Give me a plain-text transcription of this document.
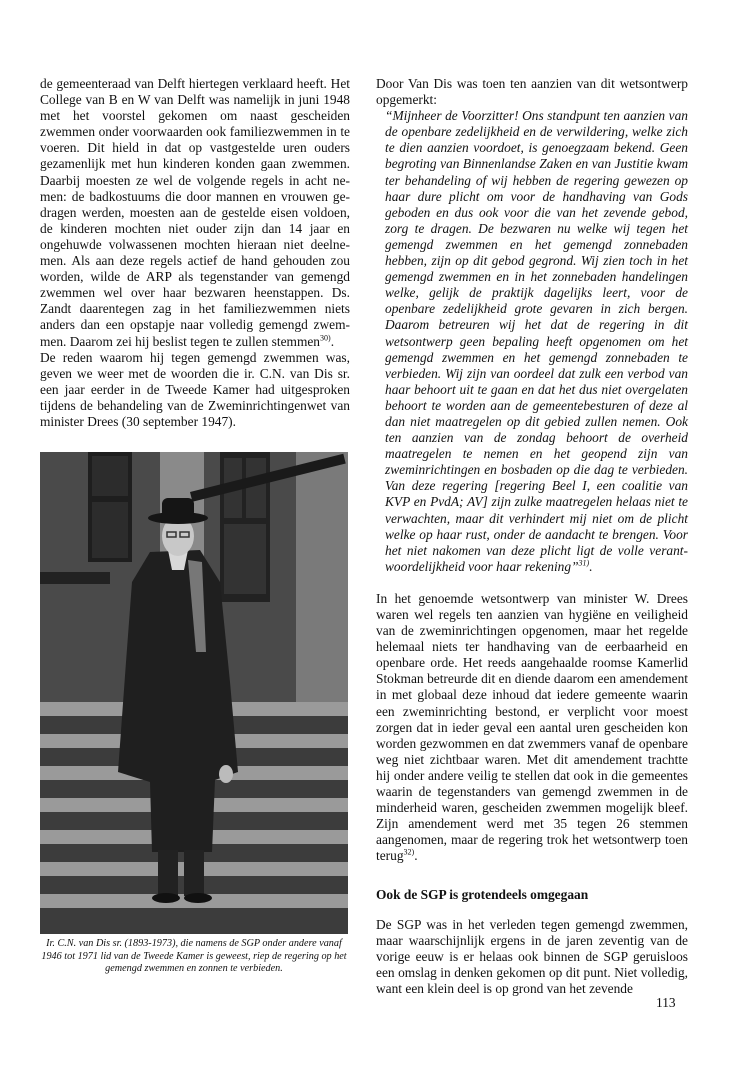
de gemeenteraad van Delft hiertegen verklaard heeft. Het College van B en W van Delft was namelijk in juni 1948 met het voorstel gekomen om naast gescheiden zwemmen onder voorwaarden ook familiezwemmen in te voeren. Dit hield in dat op vastgestelde uren ouders gezamenlijk met hun kinderen konden gaan zwemmen. Daarbij moesten ze wel de volgende regels in acht nemen: de badkostuums die door mannen en vrouwen gedragen werden, moesten aan de gestelde eisen voldoen, de kinderen mochten niet ouder zijn dan 14 jaar en ongehuwde volwassenen mochten hieraan niet deelnemen. Als aan deze regels actief de hand gehouden zou worden, wilde de ARP als tegenstander van gemengd zwemmen wel over haar bezwaren heenstappen. Ds. Zandt daarentegen zag in het familiezwemmen niets anders dan een opstapje naar volledig gemengd zwemmen. Daarom zei hij beslist tegen te zullen stemmen$^{30)}$.

De reden waarom hij tegen gemengd zwemmen was, geven we weer met de woorden die ir. C.N. van Dis sr. een jaar eerder in de Tweede Kamer had uitgesproken tijdens de behandeling van de Zweminrichtingenwet van minister Drees (30 september 1947).

Ir. C.N. van Dis sr. (1893-1973), die namens de SGP onder andere vanaf 1946 tot 1971 lid van de Tweede Kamer is geweest, riep de regering op het gemengd zwemmen en zonnen te verbieden.

Door Van Dis was toen ten aanzien van dit wetsontwerp opgemerkt:

“Mijnheer de Voorzitter! Ons standpunt ten aanzien van de openbare zedelijkheid en de verwildering, welke zich te dien aanzien voordoet, is genoegzaam bekend. Geen begroting van Binnenlandse Zaken en van Justitie kwam ter behandeling of wij hebben de regering gewezen op haar dure plicht om voor de handhaving van Gods geboden en dus ook voor die van het zevende gebod, zorg te dragen. De bezwaren nu welke wij tegen het gemengd zwemmen en het gemengd zonnebaden hebben, zijn op dit gebod gegrond. Wij zien toch in het gemengd zwemmen en in het zonnebaden handelingen welke, gelijk de praktijk dagelijks leert, voor de openbare zedelijkheid grote gevaren in zich bergen. Daarom betreuren wij het dat de regering in dit wetsontwerp geen bepaling heeft opgenomen om het gemengd zwemmen en het gemengd zonnebaden te verbieden. Wij zijn van oordeel dat zulk een verbod van haar behoort uit te gaan en dat het dus niet overgelaten behoort te worden aan de gemeentebesturen of deze al dan niet maatregelen op dit gebied zullen nemen. Ook ten aanzien van de zondag behoort de overheid maatregelen te nemen en het geopend zijn van zweminrichtingen en bosbaden op die dag te verbieden. Van deze regering [regering Beel I, een coalitie van KVP en PvdA; AV] zijn zulke maatregelen helaas niet te verwachten, maar dit verhindert mij niet om de plicht welke op haar rust, onder de aandacht te brengen. Voor het niet nakomen van deze plicht ligt de volle verantwoordelijkheid voor haar rekening”$^{31)}$.

In het genoemde wetsontwerp van minister W. Drees waren wel regels ten aanzien van hygiëne en veiligheid van de zweminrichtingen opgenomen, maar het regelde helemaal niets ter handhaving van de eerbaarheid en openbare orde. Het reeds aangehaalde roomse Kamerlid Stokman betreurde dit en diende daarom een amendement in met globaal deze inhoud dat iedere gemeente waarin een zweminrichting bestond, er verplicht voor moest zorgen dat in ieder geval een aantal uren gescheiden kon worden gezwommen en dat zwemmers vanaf de openbare weg niet zichtbaar waren. Met dit amendement trachtte hij onder andere veilig te stellen dat ook in die gemeentes waarin de tegenstanders van gemengd zwemmen in de minderheid waren, gescheiden zwemmen mogelijk bleef. Zijn amendement werd met 35 tegen 26 stemmen aangenomen, maar de regering trok het wetsontwerp toen terug$^{32)}$.

Ook de SGP is grotendeels omgegaan

De SGP was in het verleden tegen gemengd zwemmen, maar waarschijnlijk ergens in de jaren zeventig van de vorige eeuw is er helaas ook binnen de SGP geruisloos een omslag in denken gekomen op dit punt. Niet volledig, want een klein deel is op grond van het zevende

113
